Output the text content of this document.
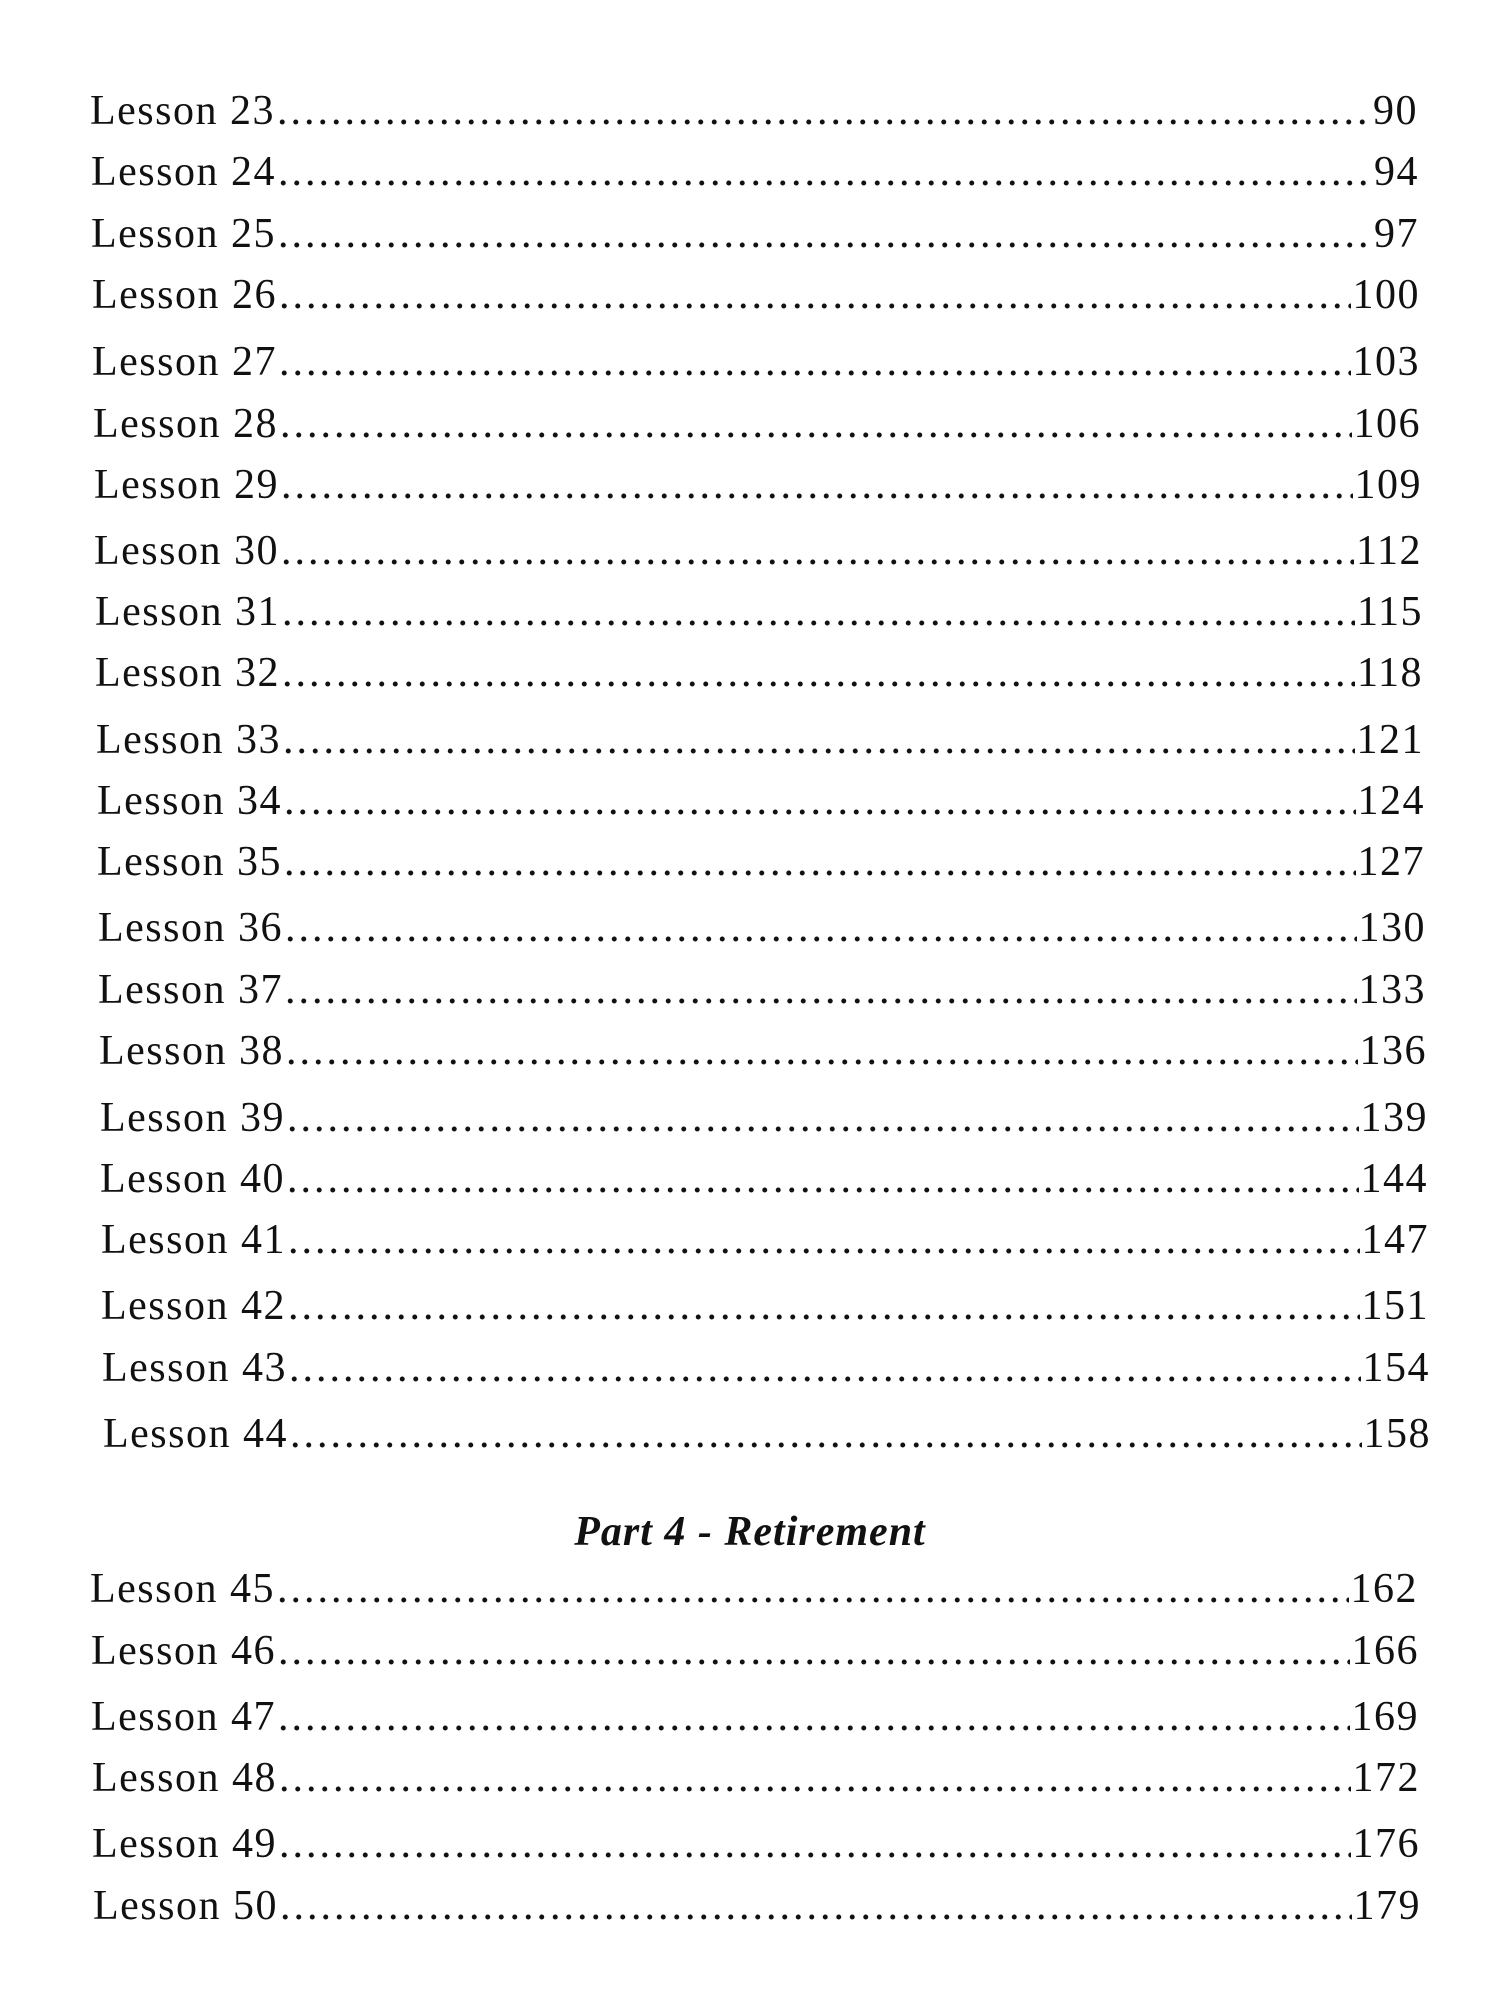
Lesson 23 .....	90
Lesson 24 .....	94
Lesson 25 .....	97
Lesson 26 .....	100
Lesson 27 .....	103
Lesson 28 .....	106
Lesson 29 .....	109
Lesson 30 .....	112
Lesson 31 .....	115
Lesson 32 .....	118
Lesson 33 .....	121
Lesson 34 .....	124
Lesson 35 .....	127
Lesson 36 .....	130
Lesson 37 .....	133
Lesson 38 .....	136
Lesson 39 .....	139
Lesson 40 .....	144
Lesson 41 .....	147
Lesson 42 .....	151
Lesson 43 .....	154
Lesson 44 .....	158
Part 4 - Retirement
Lesson 45 .....	162
Lesson 46 .....	166
Lesson 47 .....	169
Lesson 48 .....	172
Lesson 49 .....	176
Lesson 50 .....	179
